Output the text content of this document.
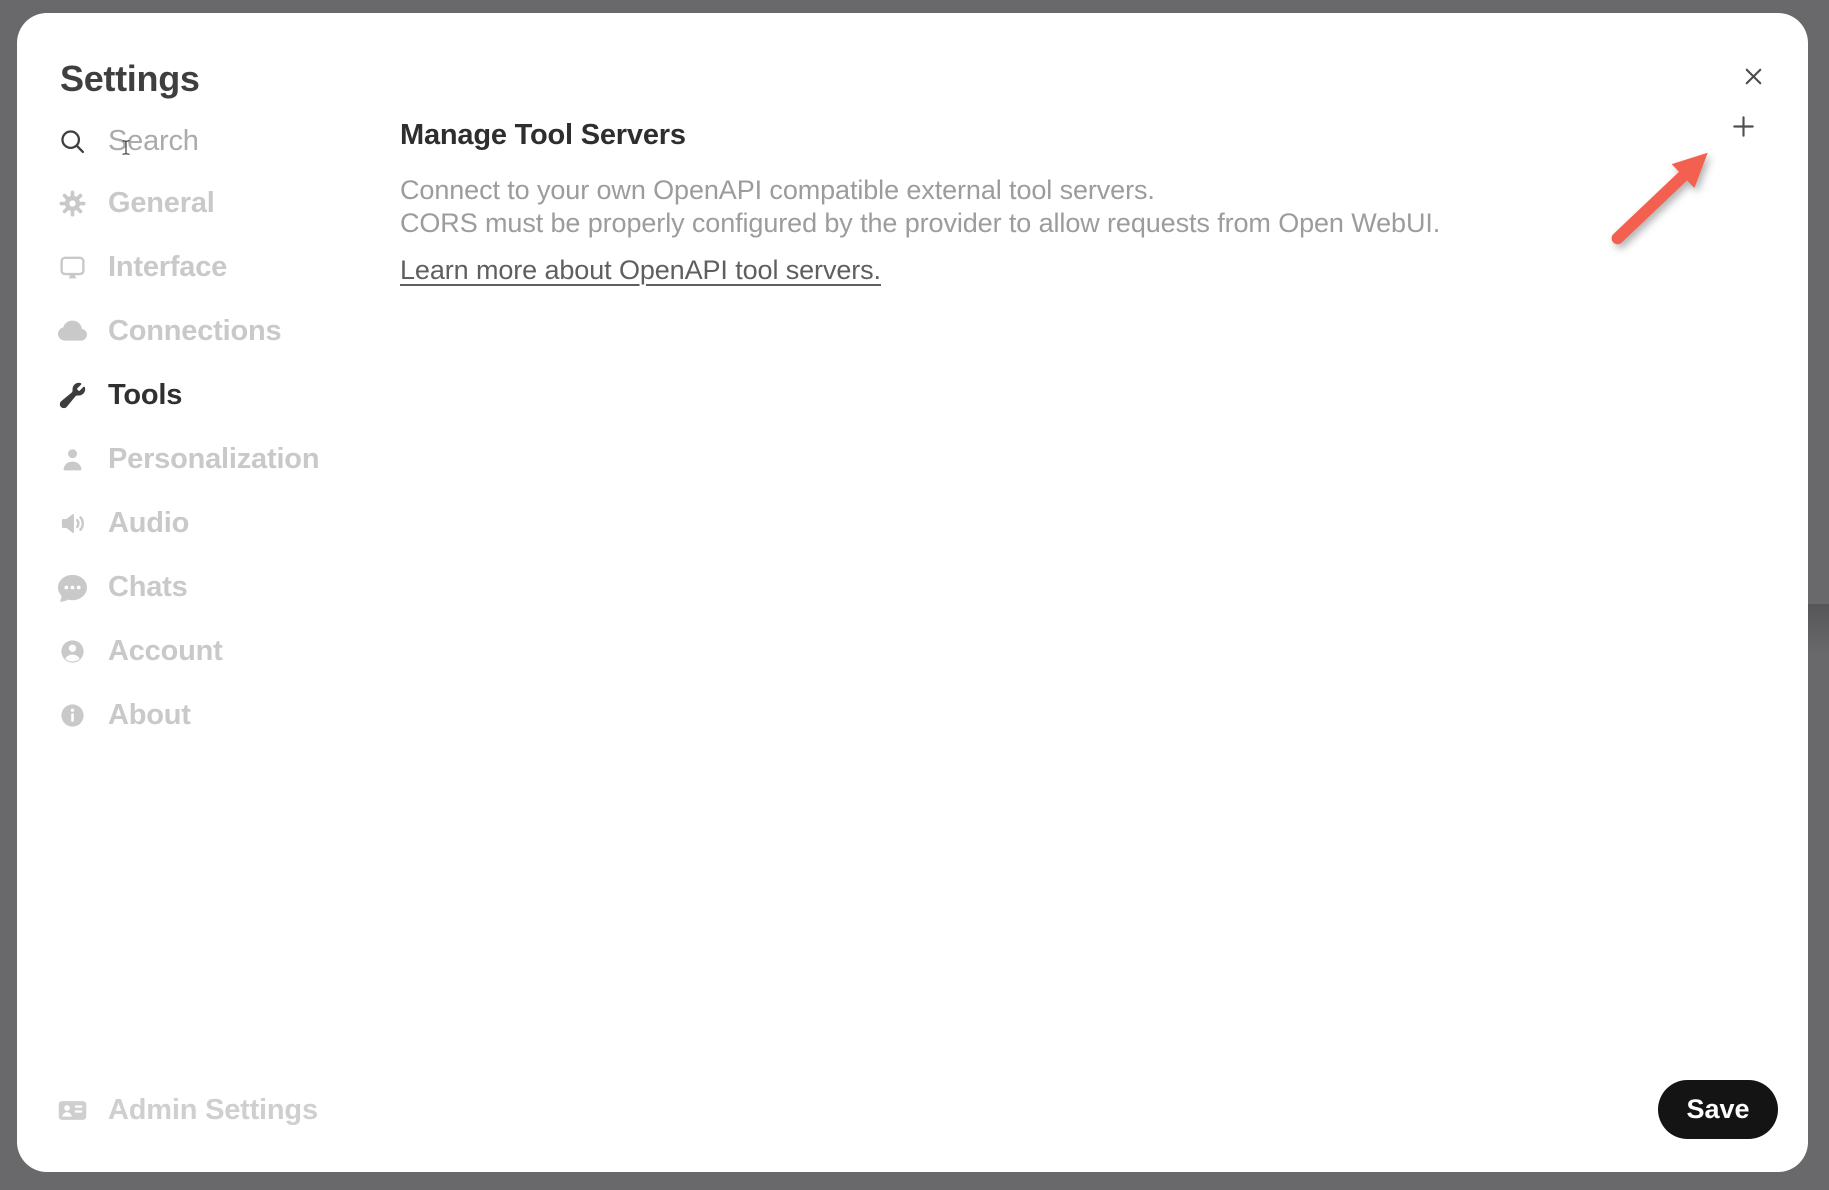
Settings
Search
General
Interface
Connections
Tools
Personalization
Audio
Chats
Account
About
Admin Settings
Manage Tool Servers

Connect to your own OpenAPI compatible external tool servers.
CORS must be properly configured by the provider to allow requests from Open WebUI.

Learn more about OpenAPI tool servers.
Save
